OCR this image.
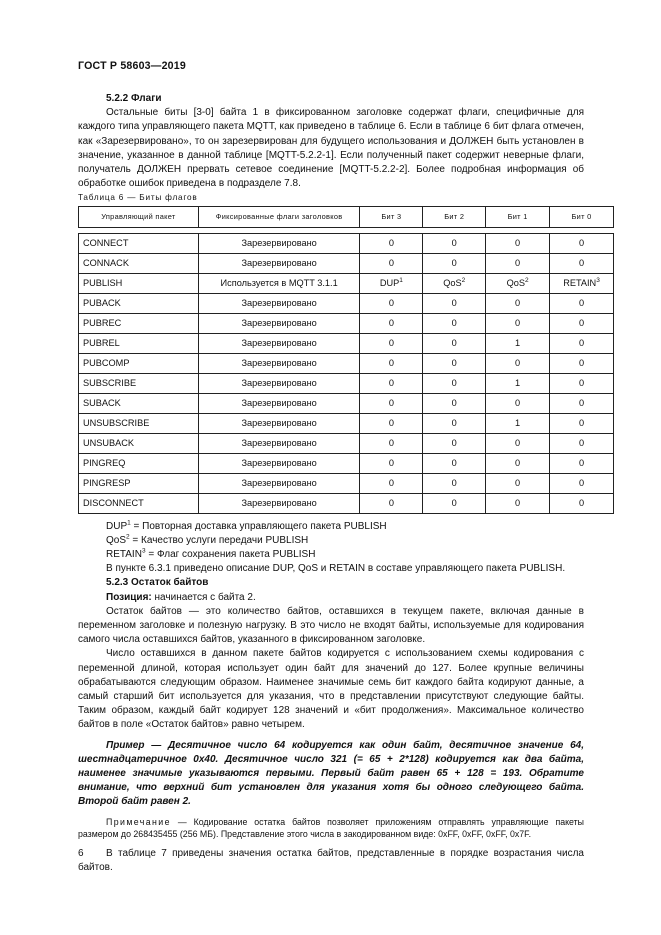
ГОСТ Р 58603—2019

5.2.2 Флаги

Остальные биты [3-0] байта 1 в фиксированном заголовке содержат флаги, специфичные для каждого типа управляющего пакета MQTT, как приведено в таблице 6. Если в таблице 6 бит флага отмечен, как «Зарезервировано», то он зарезервирован для будущего использования и ДОЛЖЕН быть установлен в значение, указанное в данной таблице [MQTT-5.2.2-1]. Если полученный пакет содержит неверные флаги, получатель ДОЛЖЕН прервать сетевое соединение [MQTT-5.2.2-2]. Более подробная информация об обработке ошибок приведена в подразделе 7.8.

Таблица 6 — Биты флагов

Управляющий пакет	Фиксированные флаги заголовков	Бит 3	Бит 2	Бит 1	Бит 0

CONNECT	Зарезервировано	0	0	0	0
CONNACK	Зарезервировано	0	0	0	0
PUBLISH	Используется в MQTT 3.1.1	DUP$^1$	QoS$^2$	QoS$^2$	RETAIN$^3$
PUBACK	Зарезервировано	0	0	0	0
PUBREC	Зарезервировано	0	0	0	0
PUBREL	Зарезервировано	0	0	1	0
PUBCOMP	Зарезервировано	0	0	0	0
SUBSCRIBE	Зарезервировано	0	0	1	0
SUBACK	Зарезервировано	0	0	0	0
UNSUBSCRIBE	Зарезервировано	0	0	1	0
UNSUBACK	Зарезервировано	0	0	0	0
PINGREQ	Зарезервировано	0	0	0	0
PINGRESP	Зарезервировано	0	0	0	0
DISCONNECT	Зарезервировано	0	0	0	0

$DUP^1$ = Повторная доставка управляющего пакета PUBLISH

QoS$^2$ = Качество услуги передачи PUBLISH

$RETAIN^3$ = Флаг сохранения пакета PUBLISH

В пункте 6.3.1 приведено описание DUP, QoS и RETAIN в составе управляющего пакета PUBLISH.

5.2.3 Остаток байтов

Позиция: начинается с байта 2.

Остаток байтов — это количество байтов, оставшихся в текущем пакете, включая данные в переменном заголовке и полезную нагрузку. В это число не входят байты, используемые для кодирования самого числа оставшихся байтов, указанного в фиксированном заголовке.

Число оставшихся в данном пакете байтов кодируется с использованием схемы кодирования с переменной длиной, которая использует один байт для значений до 127. Более крупные величины обрабатываются следующим образом. Наименее значимые семь бит каждого байта кодируют данные, а самый старший бит используется для указания, что в представлении присутствуют следующие байты. Таким образом, каждый байт кодирует 128 значений и «бит продолжения». Максимальное количество байтов в поле «Остаток байтов» равно четырем.

Пример — Десятичное число 64 кодируется как один байт, десятичное значение 64, шестнадцатеричное 0x40. Десятичное число 321 (= 65 + 2*128) кодируется как два байта, наименее значимые указываются первыми. Первый байт равен 65 + 128 = 193. Обратите внимание, что верхний бит установлен для указания хотя бы одного следующего байта. Второй байт равен 2.

Примечание — Кодирование остатка байтов позволяет приложениям отправлять управляющие пакеты размером до 268435455 (256 МБ). Представление этого числа в закодированном виде: 0xFF, 0xFF, 0xFF, 0x7F.

В таблице 7 приведены значения остатка байтов, представленные в порядке возрастания числа байтов.

6
